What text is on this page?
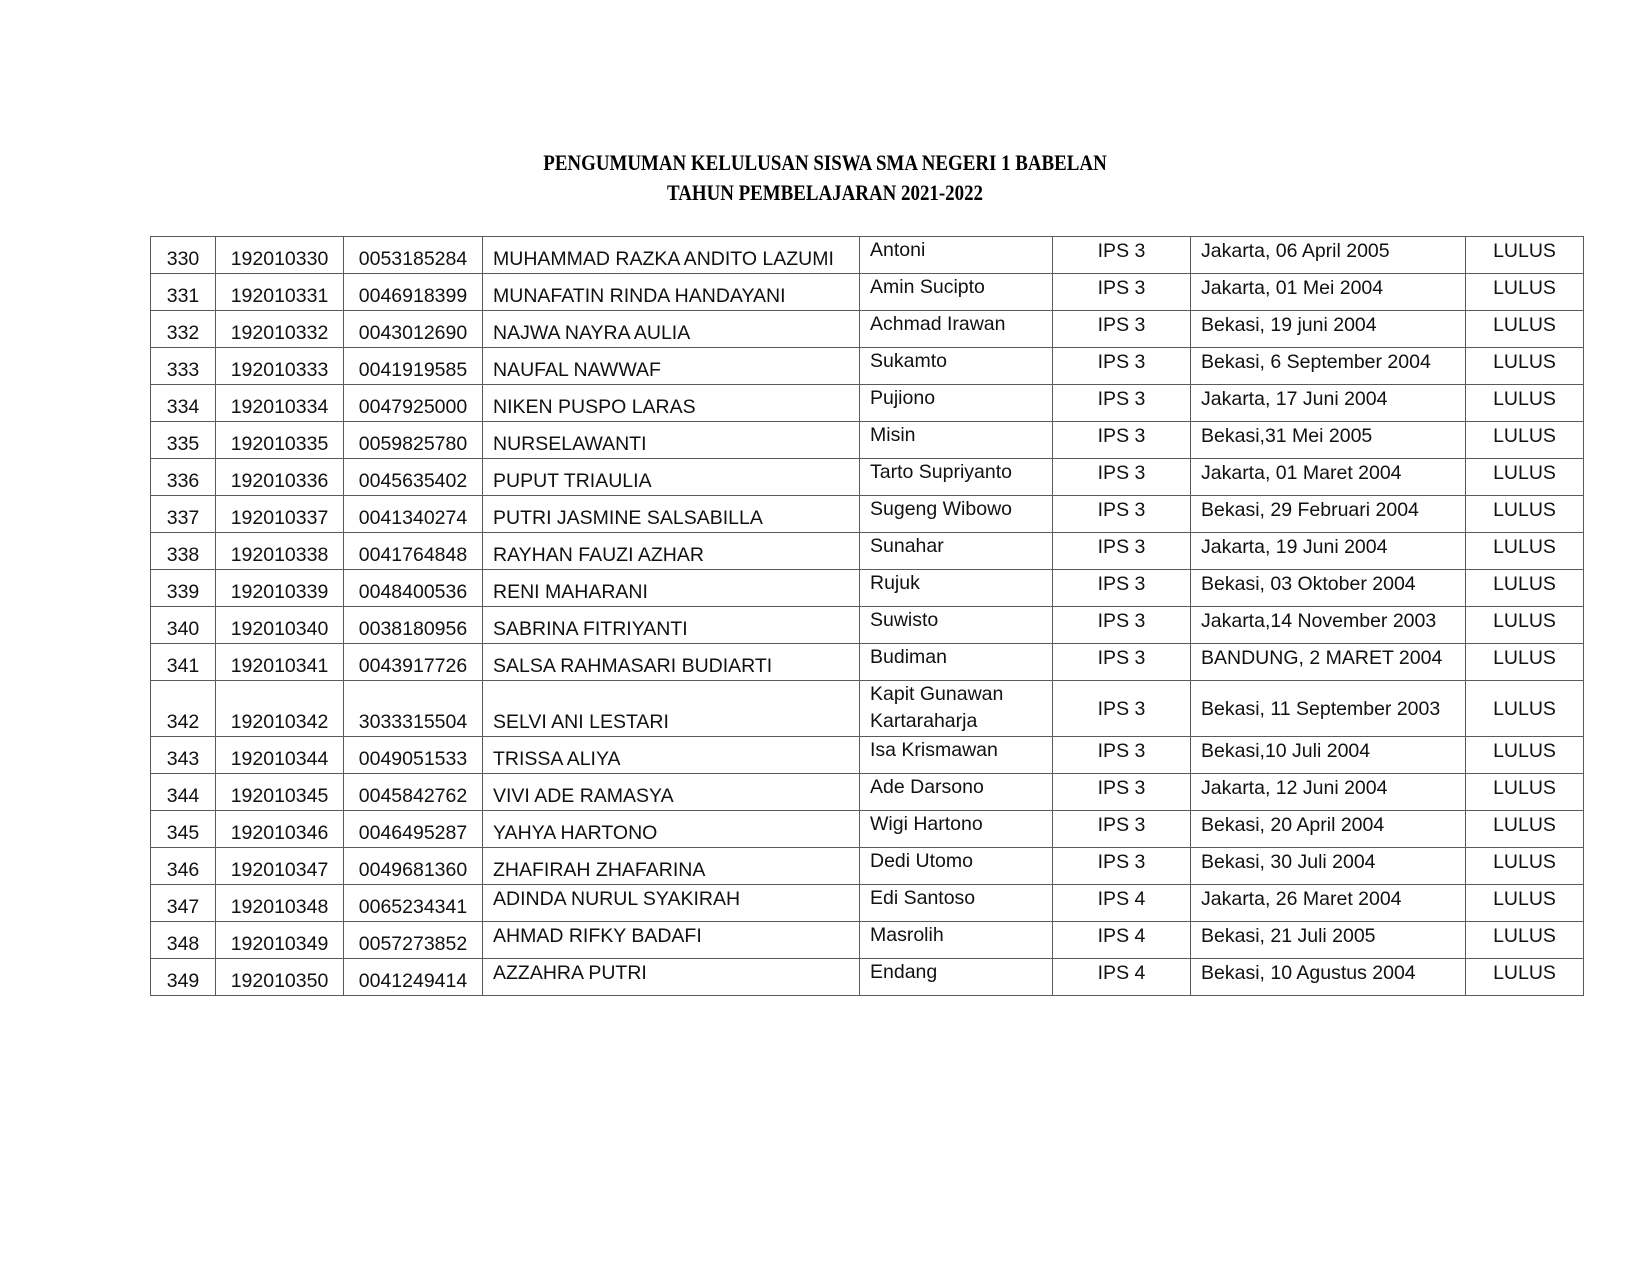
PENGUMUMAN KELULUSAN SISWA SMA NEGERI 1 BABELAN
TAHUN PEMBELAJARAN 2021-2022
330	192010330	0053185284	MUHAMMAD RAZKA ANDITO LAZUMI	Antoni	IPS 3	Jakarta, 06 April 2005	LULUS
331	192010331	0046918399	MUNAFATIN RINDA HANDAYANI	Amin Sucipto	IPS 3	Jakarta, 01 Mei 2004	LULUS
332	192010332	0043012690	NAJWA NAYRA AULIA	Achmad Irawan	IPS 3	Bekasi, 19 juni 2004	LULUS
333	192010333	0041919585	NAUFAL NAWWAF	Sukamto	IPS 3	Bekasi, 6 September 2004	LULUS
334	192010334	0047925000	NIKEN PUSPO LARAS	Pujiono	IPS 3	Jakarta, 17 Juni 2004	LULUS
335	192010335	0059825780	NURSELAWANTI	Misin	IPS 3	Bekasi,31 Mei 2005	LULUS
336	192010336	0045635402	PUPUT TRIAULIA	Tarto Supriyanto	IPS 3	Jakarta, 01 Maret 2004	LULUS
337	192010337	0041340274	PUTRI JASMINE SALSABILLA	Sugeng Wibowo	IPS 3	Bekasi, 29 Februari 2004	LULUS
338	192010338	0041764848	RAYHAN FAUZI AZHAR	Sunahar	IPS 3	Jakarta, 19 Juni 2004	LULUS
339	192010339	0048400536	RENI MAHARANI	Rujuk	IPS 3	Bekasi, 03 Oktober 2004	LULUS
340	192010340	0038180956	SABRINA FITRIYANTI	Suwisto	IPS 3	Jakarta,14 November 2003	LULUS
341	192010341	0043917726	SALSA RAHMASARI BUDIARTI	Budiman	IPS 3	BANDUNG, 2 MARET 2004	LULUS
342	192010342	3033315504	SELVI ANI LESTARI	Kapit Gunawan Kartaraharja	IPS 3	Bekasi, 11 September 2003	LULUS
343	192010344	0049051533	TRISSA ALIYA	Isa Krismawan	IPS 3	Bekasi,10 Juli 2004	LULUS
344	192010345	0045842762	VIVI ADE RAMASYA	Ade Darsono	IPS 3	Jakarta, 12 Juni 2004	LULUS
345	192010346	0046495287	YAHYA HARTONO	Wigi Hartono	IPS 3	Bekasi, 20 April 2004	LULUS
346	192010347	0049681360	ZHAFIRAH ZHAFARINA	Dedi Utomo	IPS 3	Bekasi, 30 Juli 2004	LULUS
347	192010348	0065234341	ADINDA NURUL SYAKIRAH	Edi Santoso	IPS 4	Jakarta, 26 Maret 2004	LULUS
348	192010349	0057273852	AHMAD RIFKY BADAFI	Masrolih	IPS 4	Bekasi, 21 Juli 2005	LULUS
349	192010350	0041249414	AZZAHRA PUTRI	Endang	IPS 4	Bekasi, 10 Agustus 2004	LULUS
